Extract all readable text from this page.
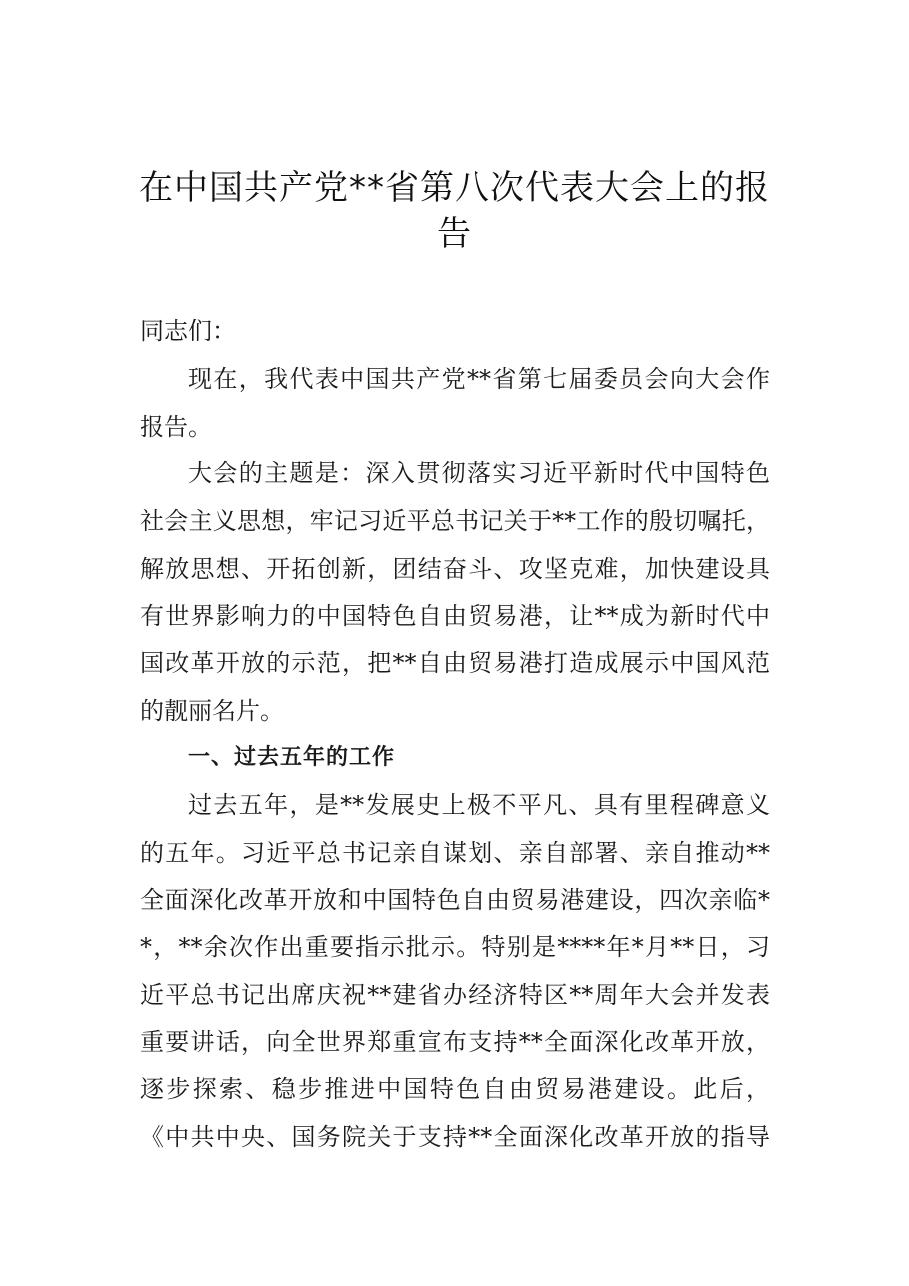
在中国共产党**省第八次代表大会上的报
告
同志们：
现在，我代表中国共产党**省第七届委员会向大会作
报告。
大会的主题是：深入贯彻落实习近平新时代中国特色
社会主义思想，牢记习近平总书记关于**工作的殷切嘱托，
解放思想、开拓创新，团结奋斗、攻坚克难，加快建设具
有世界影响力的中国特色自由贸易港，让**成为新时代中
国改革开放的示范，把**自由贸易港打造成展示中国风范
的靓丽名片。
一、过去五年的工作
过去五年，是**发展史上极不平凡、具有里程碑意义
的五年。习近平总书记亲自谋划、亲自部署、亲自推动**
全面深化改革开放和中国特色自由贸易港建设，四次亲临*
*，**余次作出重要指示批示。特别是****年*月**日，习
近平总书记出席庆祝**建省办经济特区**周年大会并发表
重要讲话，向全世界郑重宣布支持**全面深化改革开放，
逐步探索、稳步推进中国特色自由贸易港建设。此后，
《中共中央、国务院关于支持**全面深化改革开放的指导
